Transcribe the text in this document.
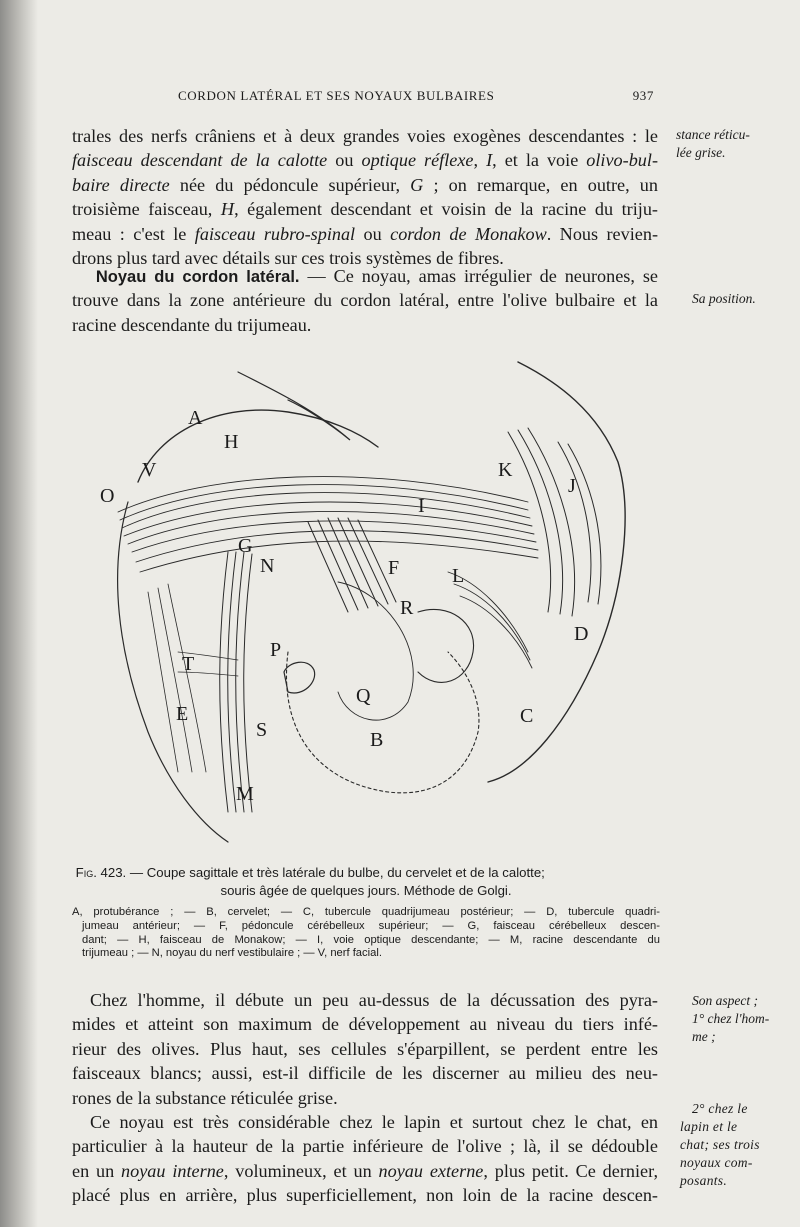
CORDON LATÉRAL ET SES NOYAUX BULBAIRES	937
trales des nerfs crâniens et à deux grandes voies exogènes descendantes : le
faisceau descendant de la calotte ou optique réflexe, I, et la voie olivo-bul-
baire directe née du pédoncule supérieur, G ; on remarque, en outre, un
troisième faisceau, H, également descendant et voisin de la racine du triju-
meau : c'est le faisceau rubro-spinal ou cordon de Monakow. Nous revien-
drons plus tard avec détails sur ces trois systèmes de fibres.
Noyau du cordon latéral. — Ce noyau, amas irrégulier de neurones, se
trouve dans la zone antérieure du cordon latéral, entre l'olive bulbaire et la
racine descendante du trijumeau.
A
H
V
O
K
J
I
G
N	F	L
R
D
T
P
E
S
Q
C
B
M
Fig. 423. — Coupe sagittale et très latérale du bulbe, du cervelet et de la calotte;
souris âgée de quelques jours. Méthode de Golgi.
A, protubérance ; — B, cervelet; — C, tubercule quadrijumeau postérieur; — D, tubercule quadri-
jumeau antérieur; — F, pédoncule cérébelleux supérieur; — G, faisceau cérébelleux descen-
dant; — H, faisceau de Monakow; — I, voie optique descendante; — M, racine descendante du
trijumeau ; — N, noyau du nerf vestibulaire ; — V, nerf facial.
Chez l'homme, il débute un peu au-dessus de la décussation des pyra-
mides et atteint son maximum de développement au niveau du tiers infé-
rieur des olives. Plus haut, ses cellules s'éparpillent, se perdent entre les
faisceaux blancs; aussi, est-il difficile de les discerner au milieu des neu-
rones de la substance réticulée grise.
Ce noyau est très considérable chez le lapin et surtout chez le chat, en
particulier à la hauteur de la partie inférieure de l'olive ; là, il se dédouble
en un noyau interne, volumineux, et un noyau externe, plus petit. Ce dernier,
placé plus en arrière, plus superficiellement, non loin de la racine descen-
stance réticu-
lée grise.
Sa position.
Son aspect ;
1° chez l'hom-
me ;
2° chez le
lapin et le
chat; ses trois
noyaux com-
posants.
